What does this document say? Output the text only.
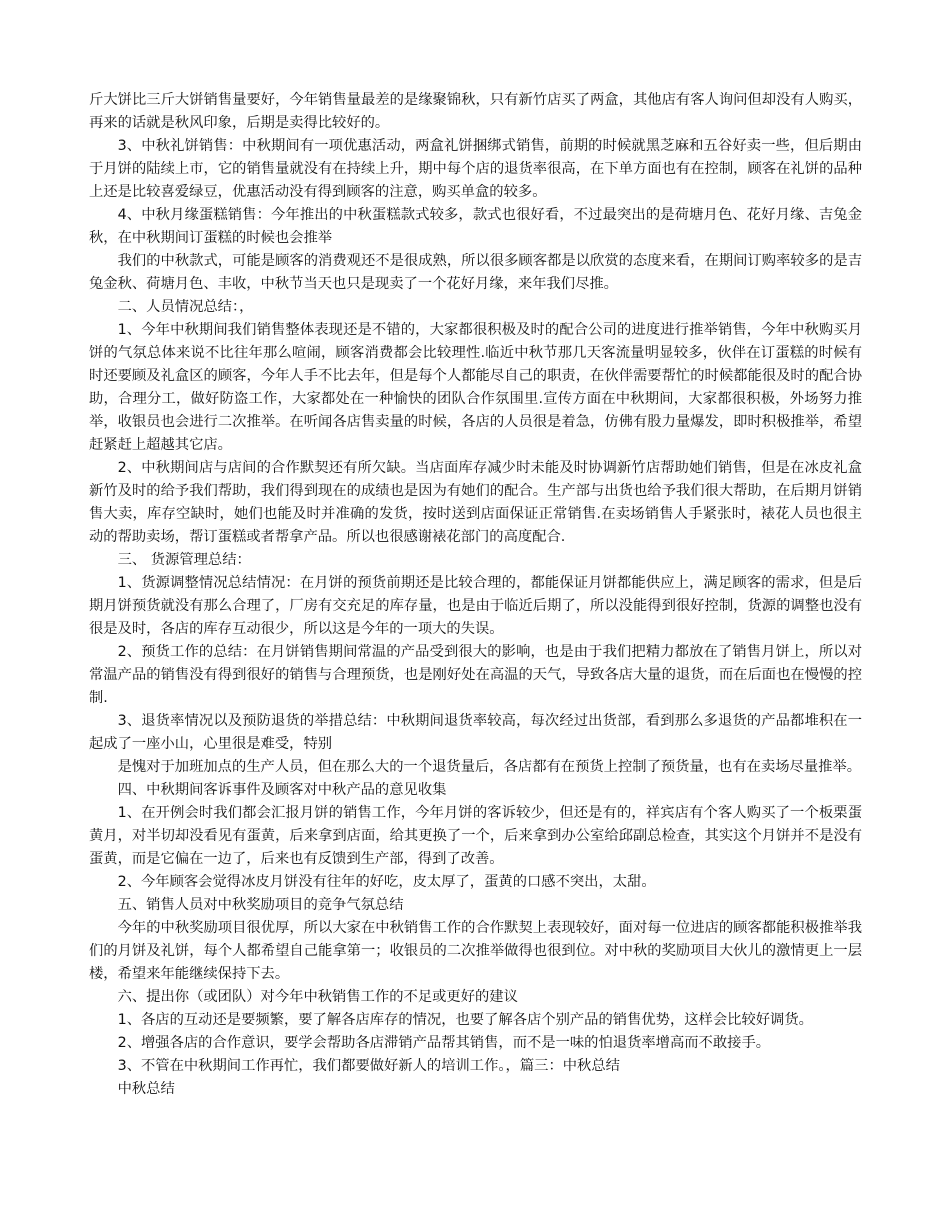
斤大饼比三斤大饼销售量要好，今年销售量最差的是缘聚锦秋，只有新竹店买了两盒，其他店有客人询问但却没有人购买，再来的话就是秋风印象，后期是卖得比较好的。

3、中秋礼饼销售：中秋期间有一项优惠活动，两盒礼饼捆绑式销售，前期的时候就黑芝麻和五谷好卖一些，但后期由于月饼的陆续上市，它的销售量就没有在持续上升，期中每个店的退货率很高，在下单方面也有在控制，顾客在礼饼的品种上还是比较喜爱绿豆，优惠活动没有得到顾客的注意，购买单盒的较多。

4、中秋月缘蛋糕销售：今年推出的中秋蛋糕款式较多，款式也很好看，不过最突出的是荷塘月色、花好月缘、吉兔金秋，在中秋期间订蛋糕的时候也会推举

我们的中秋款式，可能是顾客的消费观还不是很成熟，所以很多顾客都是以欣赏的态度来看，在期间订购率较多的是吉兔金秋、荷塘月色、丰收，中秋节当天也只是现卖了一个花好月缘，来年我们尽推。

二、人员情况总结：，

1、今年中秋期间我们销售整体表现还是不错的，大家都很积极及时的配合公司的进度进行推举销售，今年中秋购买月饼的气氛总体来说不比往年那么喧闹，顾客消费都会比较理性.临近中秋节那几天客流量明显较多，伙伴在订蛋糕的时候有时还要顾及礼盒区的顾客，今年人手不比去年，但是每个人都能尽自己的职责，在伙伴需要帮忙的时候都能很及时的配合协助，合理分工，做好防盗工作，大家都处在一种愉快的团队合作氛围里.宣传方面在中秋期间，大家都很积极，外场努力推举，收银员也会进行二次推举。在听闻各店售卖量的时候，各店的人员很是着急，仿佛有股力量爆发，即时积极推举，希望赶紧赶上超越其它店。

2、中秋期间店与店间的合作默契还有所欠缺。当店面库存减少时未能及时协调新竹店帮助她们销售，但是在冰皮礼盒新竹及时的给予我们帮助，我们得到现在的成绩也是因为有她们的配合。生产部与出货也给予我们很大帮助，在后期月饼销售大卖，库存空缺时，她们也能及时并准确的发货，按时送到店面保证正常销售.在卖场销售人手紧张时，裱花人员也很主动的帮助卖场，帮订蛋糕或者帮拿产品。所以也很感谢裱花部门的高度配合.

三、 货源管理总结：

1、货源调整情况总结情况：在月饼的预货前期还是比较合理的，都能保证月饼都能供应上，满足顾客的需求，但是后期月饼预货就没有那么合理了，厂房有交充足的库存量，也是由于临近后期了，所以没能得到很好控制，货源的调整也没有很是及时，各店的库存互动很少，所以这是今年的一项大的失误。

2、预货工作的总结：在月饼销售期间常温的产品受到很大的影响，也是由于我们把精力都放在了销售月饼上，所以对常温产品的销售没有得到很好的销售与合理预货，也是刚好处在高温的天气，导致各店大量的退货，而在后面也在慢慢的控制.

3、退货率情况以及预防退货的举措总结：中秋期间退货率较高，每次经过出货部，看到那么多退货的产品都堆积在一起成了一座小山，心里很是难受，特别

是愧对于加班加点的生产人员，但在那么大的一个退货量后，各店都有在预货上控制了预货量，也有在卖场尽量推举。

四、中秋期间客诉事件及顾客对中秋产品的意见收集

1、在开例会时我们都会汇报月饼的销售工作，今年月饼的客诉较少，但还是有的，祥宾店有个客人购买了一个板栗蛋黄月，对半切却没看见有蛋黄，后来拿到店面，给其更换了一个，后来拿到办公室给邱副总检查，其实这个月饼并不是没有蛋黄，而是它偏在一边了，后来也有反馈到生产部，得到了改善。

2、今年顾客会觉得冰皮月饼没有往年的好吃，皮太厚了，蛋黄的口感不突出，太甜。

五、销售人员对中秋奖励项目的竞争气氛总结

今年的中秋奖励项目很优厚，所以大家在中秋销售工作的合作默契上表现较好，面对每一位进店的顾客都能积极推举我们的月饼及礼饼，每个人都希望自己能拿第一；收银员的二次推举做得也很到位。对中秋的奖励项目大伙儿的激情更上一层楼，希望来年能继续保持下去。

六、提出你（或团队）对今年中秋销售工作的不足或更好的建议

1、各店的互动还是要频繁，要了解各店库存的情况，也要了解各店个别产品的销售优势，这样会比较好调货。

2、增强各店的合作意识，要学会帮助各店滞销产品帮其销售，而不是一味的怕退货率增高而不敢接手。

3、不管在中秋期间工作再忙，我们都要做好新人的培训工作。，篇三：中秋总结

中秋总结
